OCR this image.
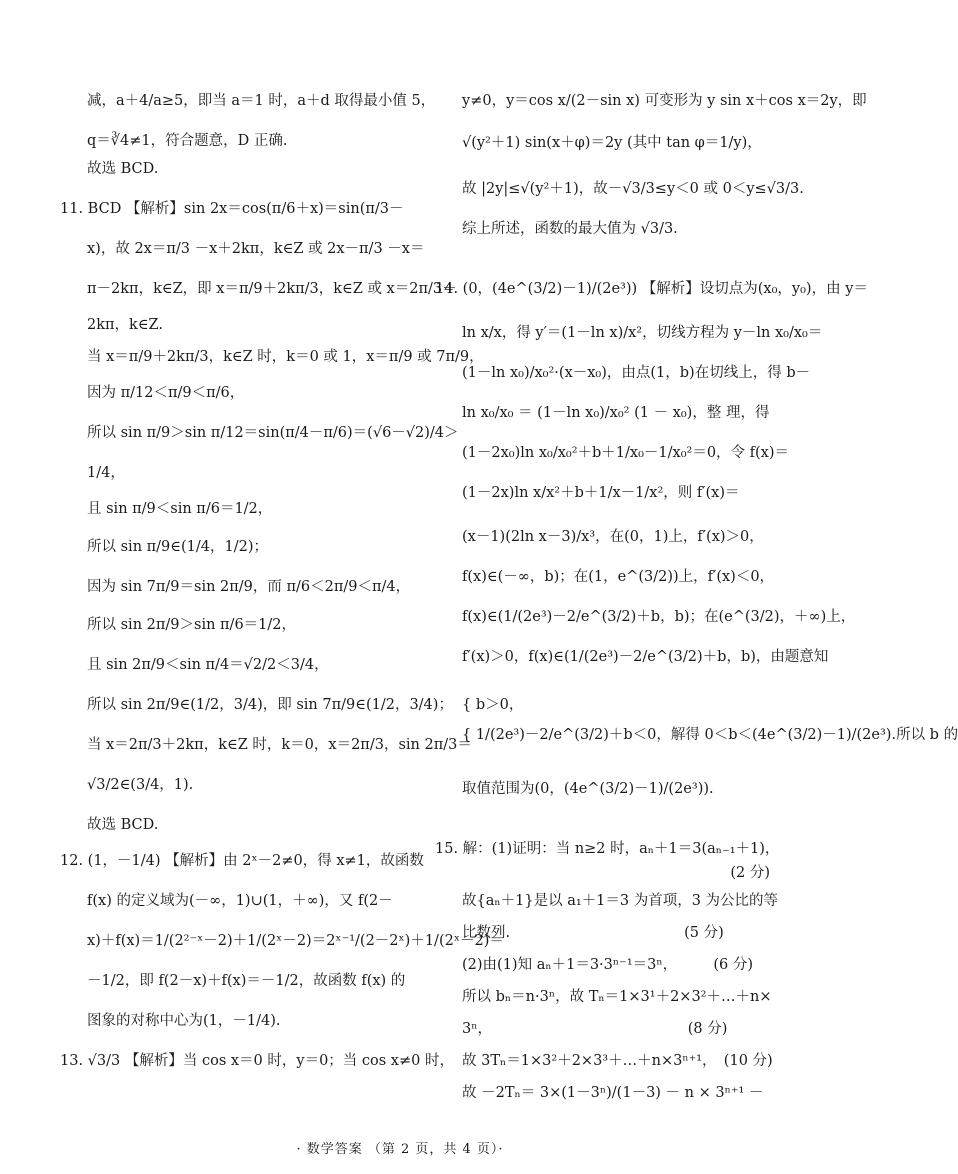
减，a＋4/a≥5，即当 a＝1 时，a＋d 取得最小值 5，
q＝∛4≠1，符合题意，D 正确.
故选 BCD.
11. BCD 【解析】sin 2x＝cos(π/6＋x)＝sin(π/3－
x)，故 2x＝π/3 －x＋2kπ，k∈Z 或 2x－π/3 －x＝
π－2kπ，k∈Z，即 x＝π/9＋2kπ/3，k∈Z 或 x＝2π/3＋
2kπ，k∈Z.
当 x＝π/9＋2kπ/3，k∈Z 时，k＝0 或 1，x＝π/9 或 7π/9，
因为 π/12＜π/9＜π/6，
所以 sin π/9＞sin π/12＝sin(π/4－π/6)＝(√6－√2)/4＞
1/4，
且 sin π/9＜sin π/6＝1/2，
所以 sin π/9∈(1/4，1/2)；
因为 sin 7π/9＝sin 2π/9，而 π/6＜2π/9＜π/4，
所以 sin 2π/9＞sin π/6＝1/2，
且 sin 2π/9＜sin π/4＝√2/2＜3/4，
所以 sin 2π/9∈(1/2，3/4)，即 sin 7π/9∈(1/2，3/4)；
当 x＝2π/3＋2kπ，k∈Z 时，k＝0，x＝2π/3，sin 2π/3＝
√3/2∈(3/4，1).
故选 BCD.
12. (1，－1/4) 【解析】由 2ˣ－2≠0，得 x≠1，故函数
f(x) 的定义域为(－∞，1)∪(1，＋∞)，又 f(2－
x)＋f(x)＝1/(2²⁻ˣ－2)＋1/(2ˣ－2)＝2ˣ⁻¹/(2－2ˣ)＋1/(2ˣ－2)＝
－1/2，即 f(2－x)＋f(x)＝－1/2，故函数 f(x) 的
图象的对称中心为(1，－1/4).
13. √3/3 【解析】当 cos x＝0 时，y＝0；当 cos x≠0 时，
y≠0，y＝cos x/(2－sin x) 可变形为 y sin x＋cos x＝2y，即
√(y²＋1) sin(x＋φ)＝2y (其中 tan φ＝1/y)，
故 |2y|≤√(y²＋1)，故－√3/3≤y＜0 或 0＜y≤√3/3.
综上所述，函数的最大值为 √3/3.
14. (0，(4e^(3/2)－1)/(2e³)) 【解析】设切点为(x₀，y₀)，由 y＝
ln x/x，得 y′＝(1－ln x)/x²，切线方程为 y－ln x₀/x₀＝
(1－ln x₀)/x₀²·(x－x₀)，由点(1，b)在切线上，得 b－
ln x₀/x₀ ＝ (1－ln x₀)/x₀² (1 － x₀)，整 理，得
(1－2x₀)ln x₀/x₀²＋b＋1/x₀－1/x₀²＝0，令 f(x)＝
(1－2x)ln x/x²＋b＋1/x－1/x²，则 f′(x)＝
(x－1)(2ln x－3)/x³，在(0，1)上，f′(x)＞0，
f(x)∈(－∞，b)；在(1，e^(3/2))上，f′(x)＜0，
f(x)∈(1/(2e³)－2/e^(3/2)＋b，b)；在(e^(3/2)，＋∞)上，
f′(x)＞0，f(x)∈(1/(2e³)－2/e^(3/2)＋b，b)，由题意知
{ b＞0，
{ 1/(2e³)－2/e^(3/2)＋b＜0，解得 0＜b＜(4e^(3/2)－1)/(2e³).所以 b 的
取值范围为(0，(4e^(3/2)－1)/(2e³)).
15. 解：(1)证明：当 n≥2 时，aₙ＋1＝3(aₙ₋₁＋1)，
(2 分)
故{aₙ＋1}是以 a₁＋1＝3 为首项，3 为公比的等
比数列.　　　　　　　　　　　　(5 分)
(2)由(1)知 aₙ＋1＝3·3ⁿ⁻¹＝3ⁿ，　　　(6 分)
所以 bₙ＝n·3ⁿ，故 Tₙ＝1×3¹＋2×3²＋…＋n×
3ⁿ，　　　　　　　　　　　　　　(8 分)
故 3Tₙ＝1×3²＋2×3³＋…＋n×3ⁿ⁺¹，　(10 分)
故 －2Tₙ＝ 3×(1－3ⁿ)/(1－3) － n × 3ⁿ⁺¹ －
· 数学答案 （第 2 页，共 4 页）·
